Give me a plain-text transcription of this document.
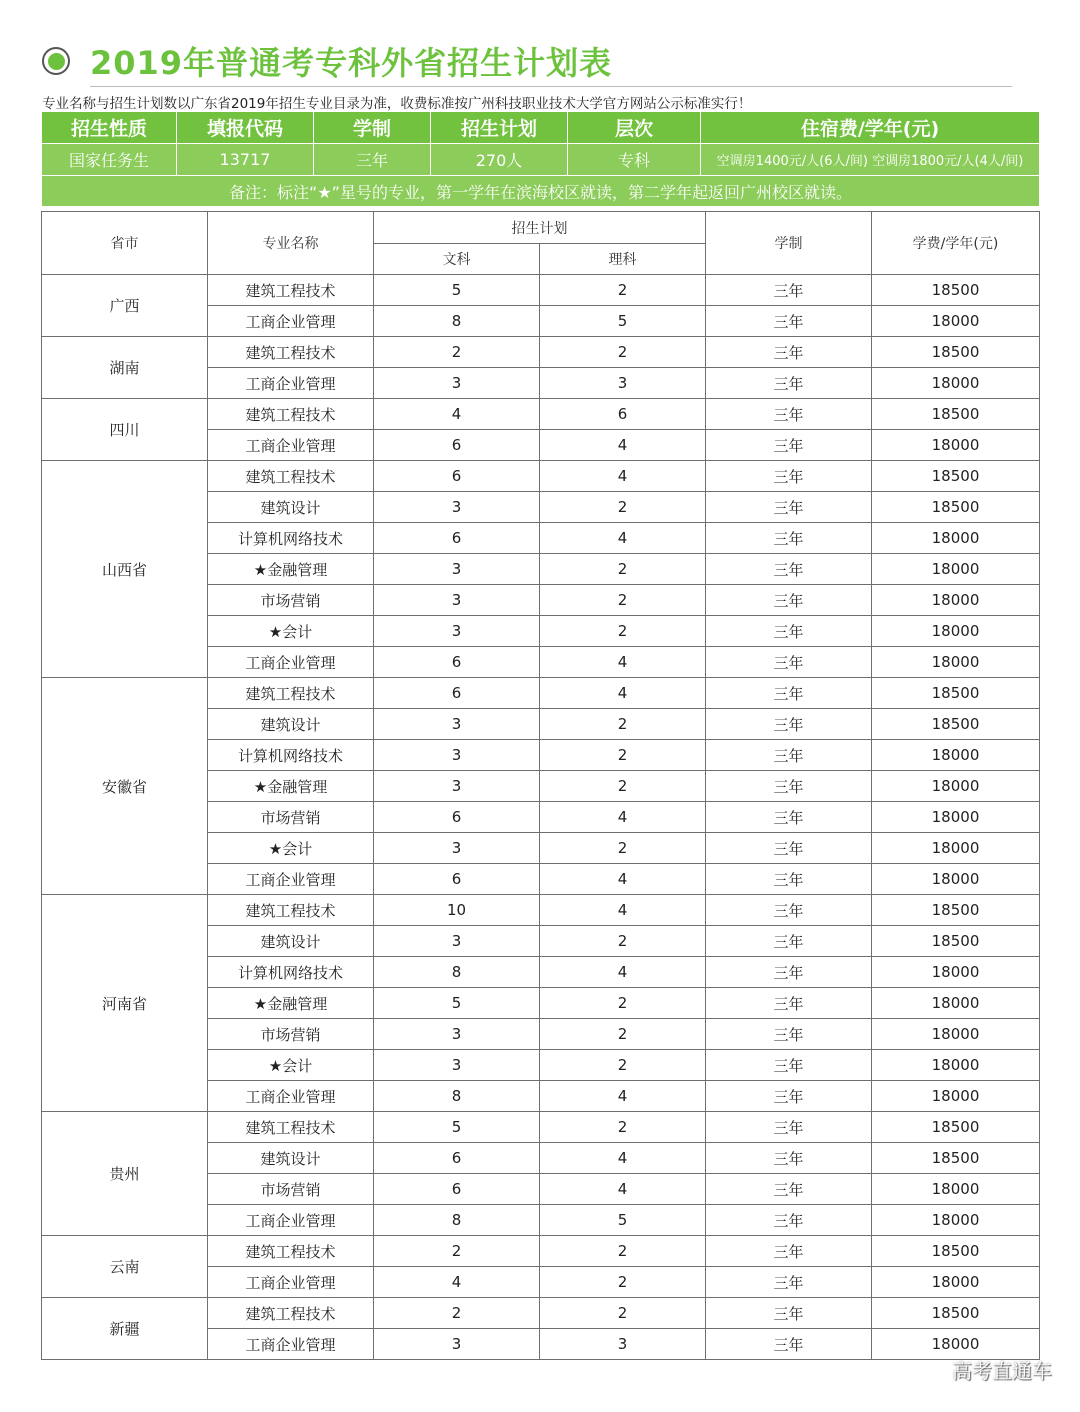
2019年普通考专科外省招生计划表
专业名称与招生计划数以广东省2019年招生专业目录为准，收费标准按广州科技职业技术大学官方网站公示标准实行！
招生性质	填报代码	学制	招生计划	层次	住宿费/学年(元)
国家任务生	13717	三年	270人	专科	空调房1400元/人(6人/间) 空调房1800元/人(4人/间)
备注：标注“★”星号的专业，第一学年在滨海校区就读，第二学年起返回广州校区就读。					
省市	专业名称	招生计划		学制	学费/学年(元)
		文科	理科		
广西	建筑工程技术	5	2	三年	18500
	工商企业管理	8	5	三年	18000
湖南	建筑工程技术	2	2	三年	18500
	工商企业管理	3	3	三年	18000
四川	建筑工程技术	4	6	三年	18500
	工商企业管理	6	4	三年	18000
山西省	建筑工程技术	6	4	三年	18500
	建筑设计	3	2	三年	18500
	计算机网络技术	6	4	三年	18000
	★金融管理	3	2	三年	18000
	市场营销	3	2	三年	18000
	★会计	3	2	三年	18000
	工商企业管理	6	4	三年	18000
安徽省	建筑工程技术	6	4	三年	18500
	建筑设计	3	2	三年	18500
	计算机网络技术	3	2	三年	18000
	★金融管理	3	2	三年	18000
	市场营销	6	4	三年	18000
	★会计	3	2	三年	18000
	工商企业管理	6	4	三年	18000
河南省	建筑工程技术	10	4	三年	18500
	建筑设计	3	2	三年	18500
	计算机网络技术	8	4	三年	18000
	★金融管理	5	2	三年	18000
	市场营销	3	2	三年	18000
	★会计	3	2	三年	18000
	工商企业管理	8	4	三年	18000
贵州	建筑工程技术	5	2	三年	18500
	建筑设计	6	4	三年	18500
	市场营销	6	4	三年	18000
	工商企业管理	8	5	三年	18000
云南	建筑工程技术	2	2	三年	18500
	工商企业管理	4	2	三年	18000
新疆	建筑工程技术	2	2	三年	18500
	工商企业管理	3	3	三年	18000
高考直通车
